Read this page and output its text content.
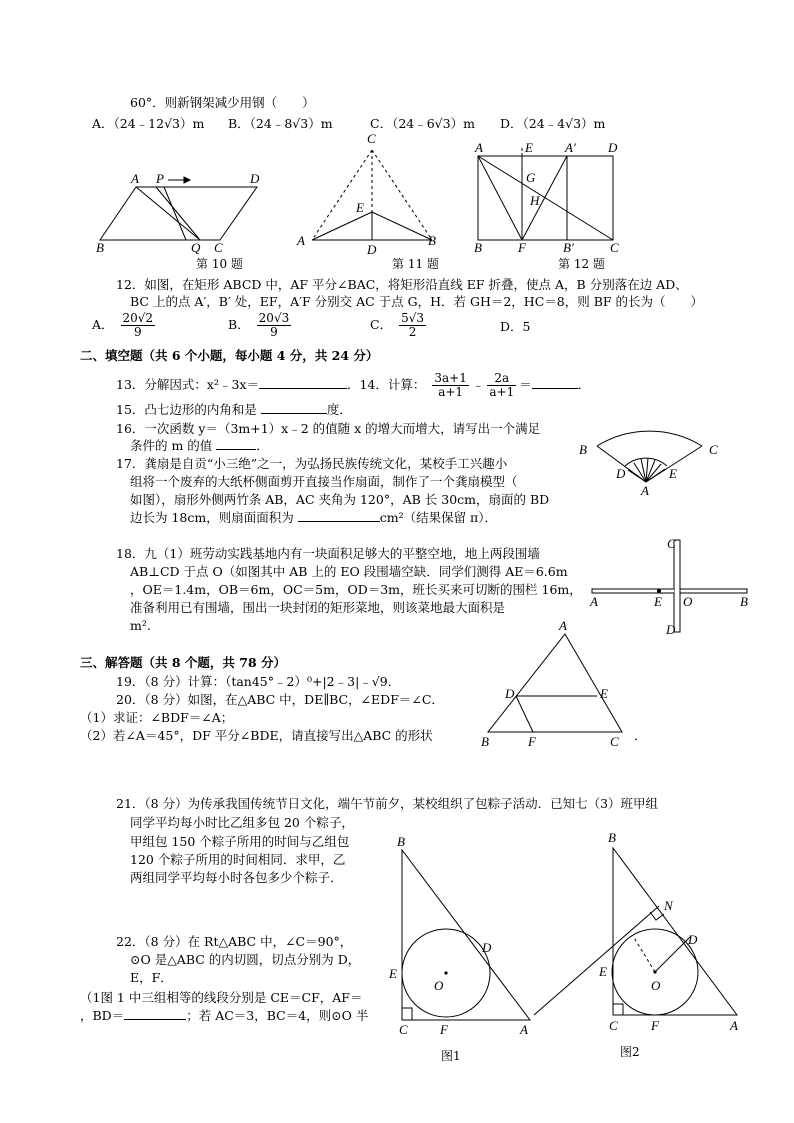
60°．则新钢架减少用钢（　　）
A．（24﹣12√3）m B．（24﹣8√3）m	C．（24﹣6√3）m D．（24﹣4√3）m
A P	D
B	Q C
第 10 题
C
E
A
D
B
第 11 题
A	E A′ D
G
H
B	F	B′	C
第 12 题
12．如图，在矩形 ABCD 中，AF 平分∠BAC，将矩形沿直线 EF 折叠，使点 A，B 分别落在边 AD、
BC 上的点 A′，B′ 处，EF，A′F 分别交 AC 于点 G，H．若 GH＝2，HC＝8，则 BF 的长为（　　）
A． $\frac{20√2}{9}$	B． $\frac{20√3}{9}$	C． $\frac{5√3}{2}$	D．5
二、填空题（共 6 个小题，每小题 4 分，共 24 分）
13．分解因式：x²﹣3x＝	．14．计算： $\frac{3a+1}{a+1}$ ﹣ $\frac{2a}{a+1}$ ＝	．
15．凸七边形的内角和是	度．
16．一次函数 y＝（3m+1）x﹣2 的值随 x 的增大而增大，请写出一个满足
条件的 m 的值	．
17．龚扇是自贡“小三绝”之一，为弘扬民族传统文化，某校手工兴趣小
组将一个废弃的大纸杯侧面剪开直接当作扇面，制作了一个龚扇模型（
如图），扇形外侧两竹条 AB，AC 夹角为 120°，AB 长 30cm，扇面的 BD
边长为 18cm，则扇面面积为	cm²（结果保留 π）．
B	C
D	E
A
18．九（1）班劳动实践基地内有一块面积足够大的平整空地，地上两段围墙
AB⊥CD 于点 O（如图其中 AB 上的 EO 段围墙空缺．同学们测得 AE＝6.6m
，OE＝1.4m，OB＝6m，OC＝5m，OD＝3m，班长买来可切断的围栏 16m，
准备利用已有围墙，围出一块封闭的矩形菜地，则该菜地最大面积是
m².
C
A	E O	B
D
三、解答题（共 8 个题，共 78 分）
19．（8 分）计算：（tan45°﹣2）⁰+|2﹣3|﹣√9．
20．（8 分）如图，在△ABC 中，DE∥BC，∠EDF＝∠C．
（1）求证：∠BDF＝∠A；
（2）若∠A＝45°，DF 平分∠BDE，请直接写出△ABC 的形状	．
A
D	E
B	F	C
21．（8 分）为传承我国传统节日文化，端午节前夕，某校组织了包粽子活动．已知七（3）班甲组
同学平均每小时比乙组多包 20 个粽子，
甲组包 150 个粽子所用的时间与乙组包
120 个粽子所用的时间相同．求甲，乙
两组同学平均每小时各包多少个粽子．
22．（8 分）在 Rt△ABC 中，∠C＝90°，
⊙O 是△ABC 的内切圆，切点分别为 D，
E，F．
（1图 1 中三组相等的线段分别是 CE＝CF，AF＝
，BD＝	；若 AC＝3，BC＝4，则⊙O 半
B
D
E
O
C F	A
图1
B
N
D
E
O
C	F	A
图2
